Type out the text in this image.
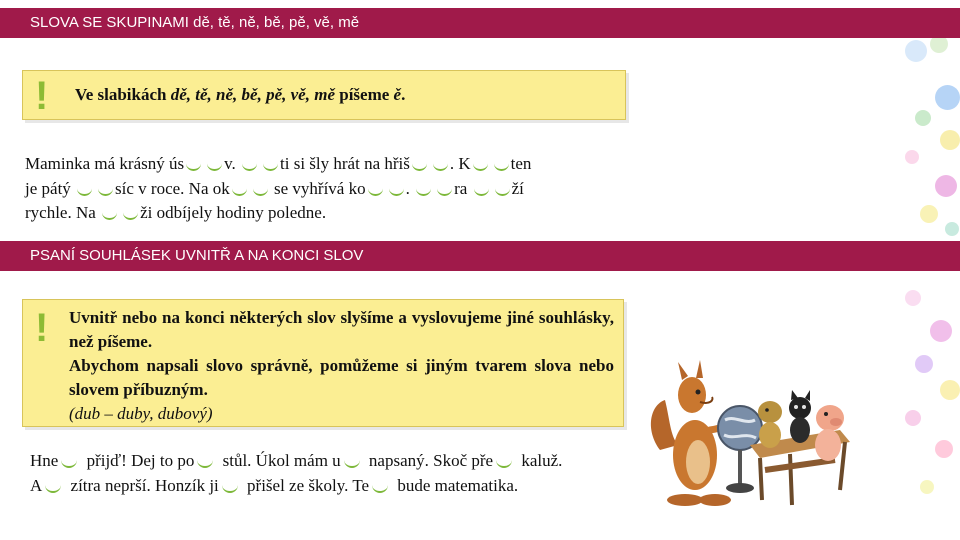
SLOVA SE SKUPINAMI dě, tě, ně, bě, pě, vě, mě
! Ve slabikách dě, tě, ně, bě, pě, vě, mě píšeme ě.
Maminka má krásný ús v. ti si šly hrát na hřiš . K ten
je pátý síc v roce. Na ok se vyhřívá ko . ra ží
rychle. Na ži odbíjely hodiny poledne.
PSANÍ SOUHLÁSEK UVNITŘ A NA KONCI SLOV
! Uvnitř nebo na konci některých slov slyšíme a vyslovujeme jiné souhlásky, než píšeme.
Abychom napsali slovo správně, pomůžeme si jiným tvarem slova nebo slovem příbuzným.
(dub – duby, dubový)
Hne přijď! Dej to po stůl. Úkol mám u napsaný. Skoč pře kaluž.
A zítra neprší. Honzík ji přišel ze školy. Te bude matematika.
